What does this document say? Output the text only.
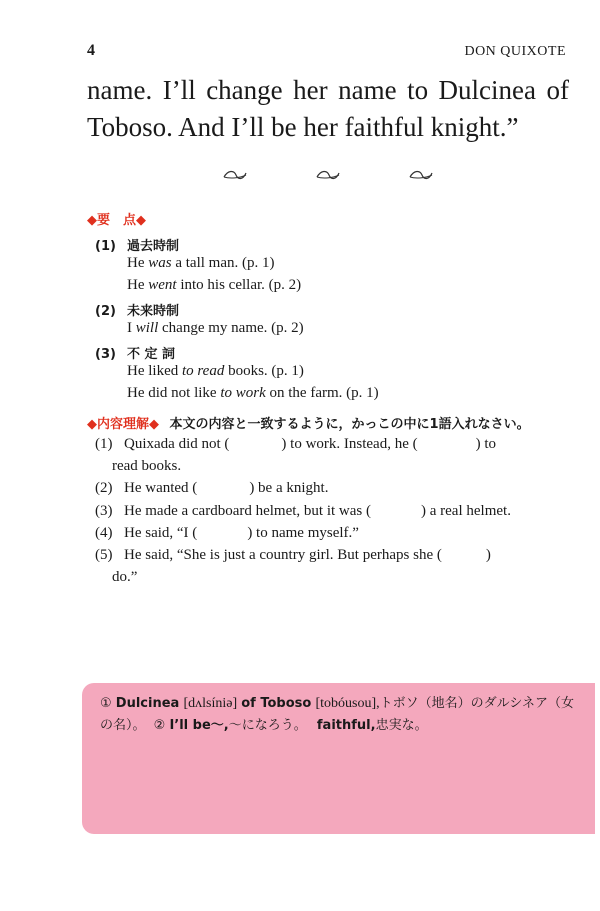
4	DON QUIXOTE
name. I’ll change her name to Dulcinea of
Toboso. And I’ll be her faithful knight.”
◆要　点◆
(1) 過去時制
He was a tall man. (p. 1)
He went into his cellar. (p. 2)
(2) 未来時制
I will change my name. (p. 2)
(3) 不 定 詞
He liked to read books. (p. 1)
He did not like to work on the farm. (p. 1)
◆内容理解◆ 本文の内容と一致するように，かっこの中に1語入れなさい。
(1) Quixada did not (	) to work. Instead, he (	) to
read books.
(2) He wanted (	) be a knight.
(3) He made a cardboard helmet, but it was (	) a real helmet.
(4) He said, “I (	) to name myself.”
(5) He said, “She is just a country girl. But perhaps she (	)
do.”
① Dulcinea [dʌlsíniə] of Toboso [tobóusou],トボソ（地名）のダルシネア（女の名）。 ② I’ll be～,～になろう。 faithful,忠実な。
